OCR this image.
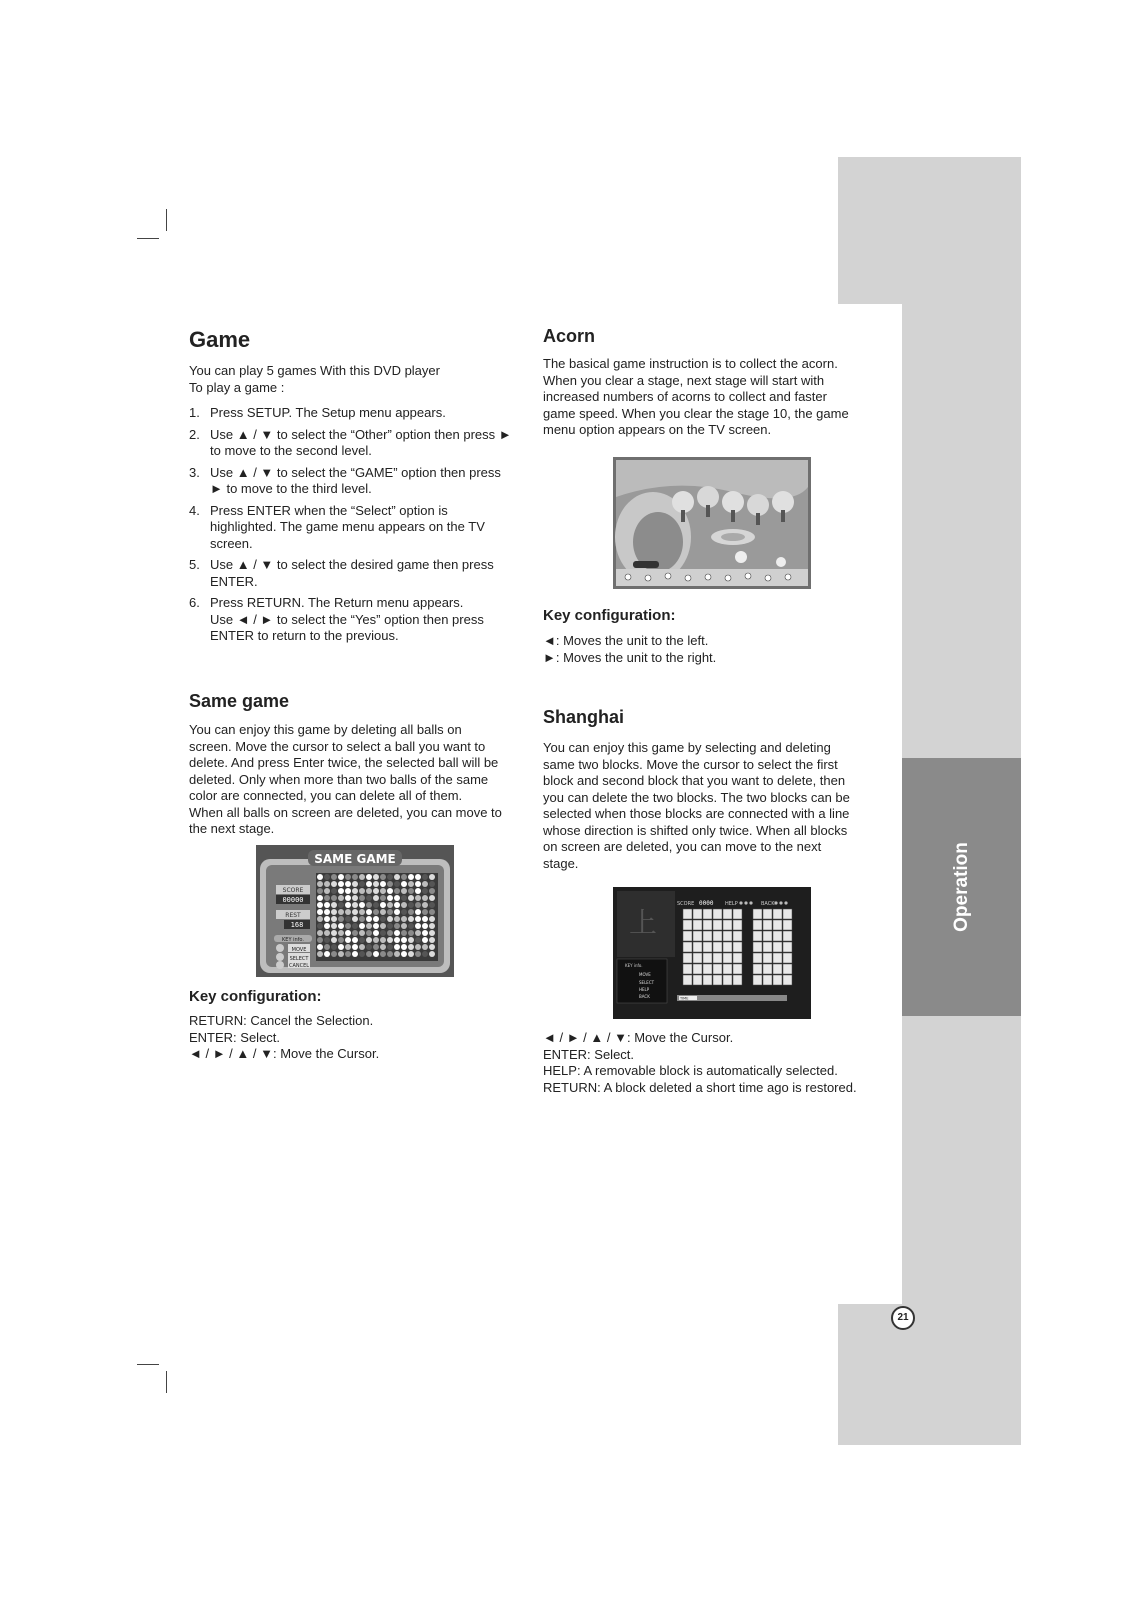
Operation
21
Game
You can play 5 games With this DVD player
To play a game :
1. Press SETUP. The Setup menu appears.
2. Use ▲ / ▼ to select the “Other” option then press ►
to move to the second level.
3. Use ▲ / ▼ to select the “GAME” option then press
► to move to the third level.
4. Press ENTER when the “Select” option is
highlighted. The game menu appears on the TV
screen.
5. Use ▲ / ▼ to select the desired game then press
ENTER.
6. Press RETURN. The Return menu appears.
Use ◄ / ► to select the “Yes” option then press
ENTER to return to the previous.
Same game
You can enjoy this game by deleting all balls on
screen. Move the cursor to select a ball you want to
delete. And press Enter twice, the selected ball will be
deleted. Only when more than two balls of the same
color are connected, you can delete all of them.
When all balls on screen are deleted, you can move to
the next stage.
SAME GAME
SCORE
00000
REST
168
KEY info.
MOVE
SELECT
CANCEL
Key configuration:
RETURN: Cancel the Selection.
ENTER: Select.
◄ / ► / ▲ / ▼: Move the Cursor.
Acorn
The basical game instruction is to collect the acorn.
When you clear a stage, next stage will start with
increased numbers of acorns to collect and faster
game speed. When you clear the stage 10, the game
menu option appears on the TV screen.
Key configuration:
◄: Moves the unit to the left.
►: Moves the unit to the right.
Shanghai
You can enjoy this game by selecting and deleting
same two blocks. Move the cursor to select the first
block and second block that you want to delete, then
you can delete the two blocks. The two blocks can be
selected when those blocks are connected with a line
whose direction is shifted only twice. When all blocks
on screen are deleted, you can move to the next
stage.
上
SCORE 0000 HELP	BACK
KEY info.
MOVE
SELECT
HELP
BACK	TIME
◄ / ► / ▲ / ▼: Move the Cursor.
ENTER: Select.
HELP: A removable block is automatically selected.
RETURN: A block deleted a short time ago is restored.
